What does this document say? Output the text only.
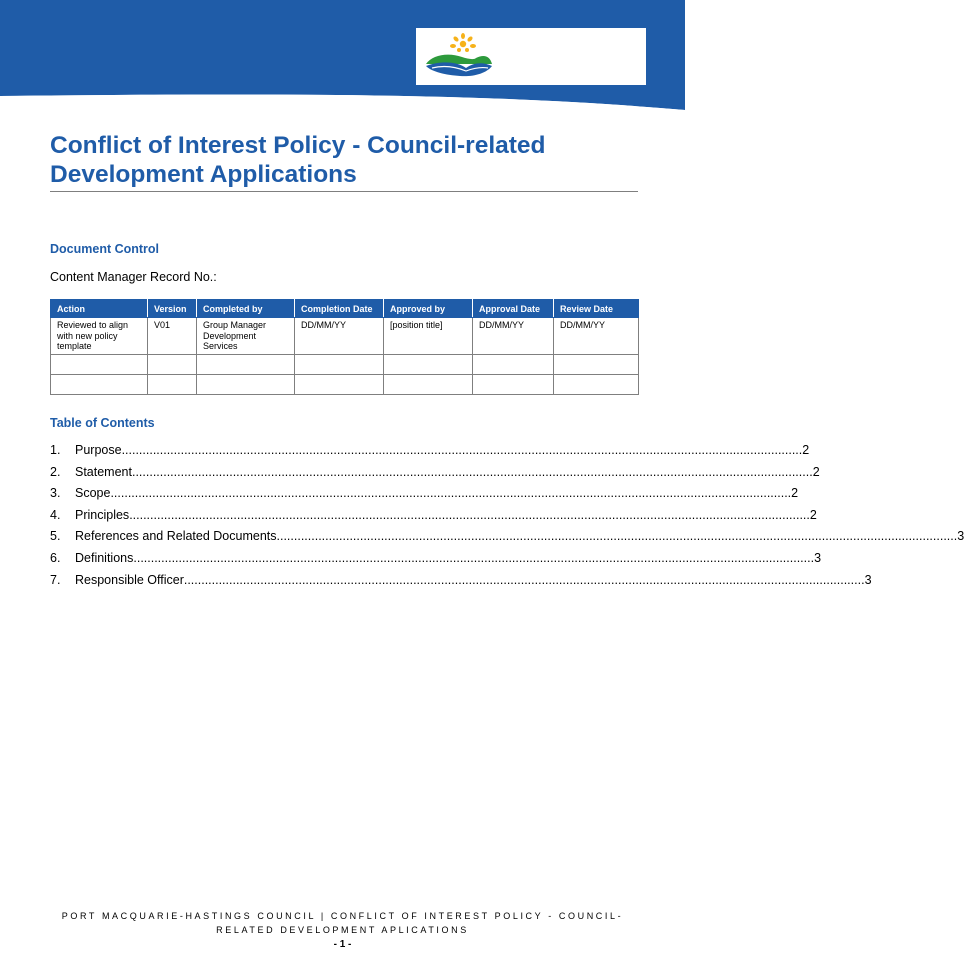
Conflict of Interest Policy - Council-related
Development Applications
Document Control
Content Manager Record No.:
Action	Version	Completed by	Completion Date	Approved by	Approval Date	Review Date
Reviewed to align with new policy template	V01	Group Manager Development Services	DD/MM/YY	[position title]	DD/MM/YY	DD/MM/YY

Table of Contents
1.	Purpose .................................................................................................................................................................................................... 2
2.	Statement .................................................................................................................................................................................................... 2
3.	Scope .................................................................................................................................................................................................... 2
4.	Principles .................................................................................................................................................................................................... 2
5.	References and Related Documents .................................................................................................................................................................................................... 3
6.	Definitions .................................................................................................................................................................................................... 3
7.	Responsible Officer .................................................................................................................................................................................................... 3
PORT MACQUARIE-HASTINGS COUNCIL | CONFLICT OF INTEREST POLICY - COUNCIL-
RELATED DEVELOPMENT APLICATIONS
- 1 -
